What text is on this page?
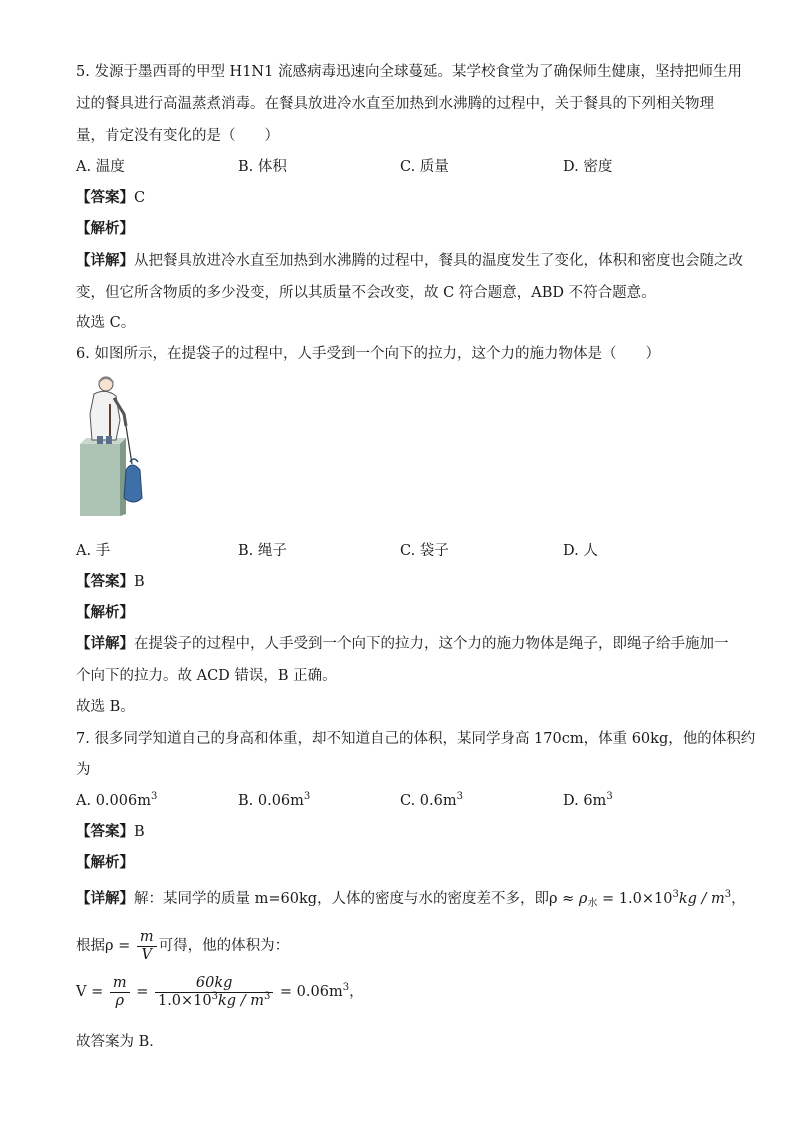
5. 发源于墨西哥的甲型 H1N1 流感病毒迅速向全球蔓延。某学校食堂为了确保师生健康，坚持把师生用
过的餐具进行高温蒸煮消毒。在餐具放进冷水直至加热到水沸腾的过程中，关于餐具的下列相关物理
量，肯定没有变化的是（　　）
A. 温度	B. 体积	C. 质量	D. 密度
【答案】C
【解析】
【详解】从把餐具放进冷水直至加热到水沸腾的过程中，餐具的温度发生了变化，体积和密度也会随之改
变，但它所含物质的多少没变，所以其质量不会改变，故 C 符合题意，ABD 不符合题意。
故选 C。
6. 如图所示，在提袋子的过程中，人手受到一个向下的拉力，这个力的施力物体是（　　）
A. 手	B. 绳子	C. 袋子	D. 人
【答案】B
【解析】
【详解】在提袋子的过程中，人手受到一个向下的拉力，这个力的施力物体是绳子，即绳子给手施加一
个向下的拉力。故 ACD 错误，B 正确。
故选 B。
7. 很多同学知道自己的身高和体重，却不知道自己的体积，某同学身高 170cm，体重 60kg，他的体积约
为
A. $0.006m^3$	B. $0.06m^3$	C. $0.6m^3$	D. $6m^3$
【答案】B
【解析】
【详解】解：某同学的质量 m=60kg，人体的密度与水的密度差不多，即$\rho \approx \rho_水 = 1.0\times 10^3kg / m^3$，
根据$\rho = \frac{m}{V}$ 可得，他的体积为：
$V = \frac{m}{\rho} = \frac{60kg}{1.0\times 10^3kg / m^3} = 0.06m^3$，
故答案为 B．
